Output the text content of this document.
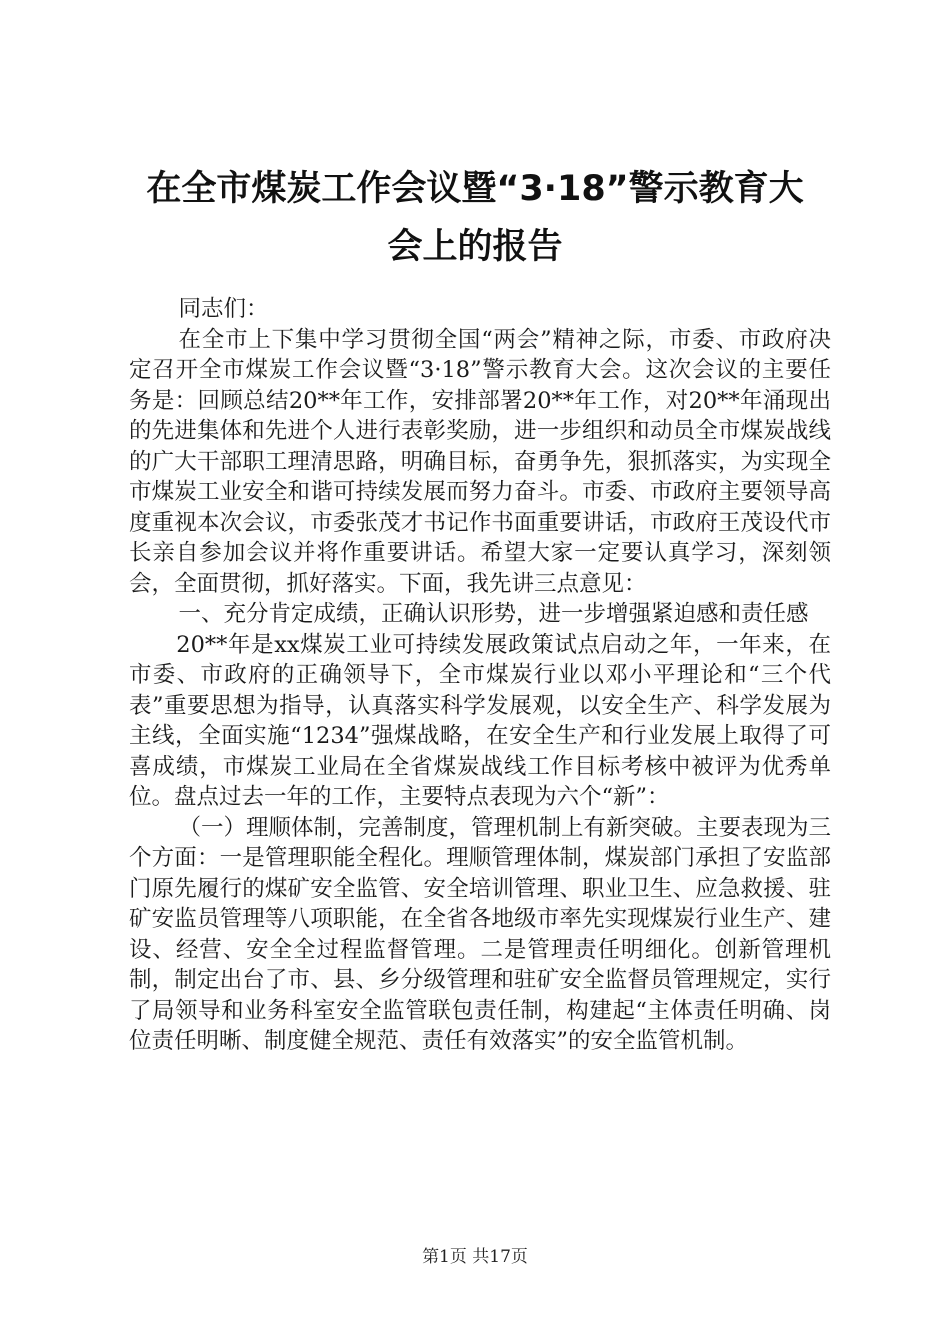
在全市煤炭工作会议暨“3·18”警示教育大
会上的报告

同志们：

在全市上下集中学习贯彻全国“两会”精神之际，市委、市政府决定召开全市煤炭工作会议暨“3·18”警示教育大会。这次会议的主要任务是：回顾总结20**年工作，安排部署20**年工作，对20**年涌现出的先进集体和先进个人进行表彰奖励，进一步组织和动员全市煤炭战线的广大干部职工理清思路，明确目标，奋勇争先，狠抓落实，为实现全市煤炭工业安全和谐可持续发展而努力奋斗。市委、市政府主要领导高度重视本次会议，市委张茂才书记作书面重要讲话，市政府王茂设代市长亲自参加会议并将作重要讲话。希望大家一定要认真学习，深刻领会，全面贯彻，抓好落实。下面，我先讲三点意见：

一、充分肯定成绩，正确认识形势，进一步增强紧迫感和责任感

20**年是xx煤炭工业可持续发展政策试点启动之年，一年来，在市委、市政府的正确领导下，全市煤炭行业以邓小平理论和“三个代表”重要思想为指导，认真落实科学发展观，以安全生产、科学发展为主线，全面实施“1234”强煤战略，在安全生产和行业发展上取得了可喜成绩，市煤炭工业局在全省煤炭战线工作目标考核中被评为优秀单位。盘点过去一年的工作，主要特点表现为六个“新”：

（一）理顺体制，完善制度，管理机制上有新突破。主要表现为三个方面：一是管理职能全程化。理顺管理体制，煤炭部门承担了安监部门原先履行的煤矿安全监管、安全培训管理、职业卫生、应急救援、驻矿安监员管理等八项职能，在全省各地级市率先实现煤炭行业生产、建设、经营、安全全过程监督管理。二是管理责任明细化。创新管理机制，制定出台了市、县、乡分级管理和驻矿安全监督员管理规定，实行了局领导和业务科室安全监管联包责任制，构建起“主体责任明确、岗位责任明晰、制度健全规范、责任有效落实”的安全监管机制。

第1页 共17页
